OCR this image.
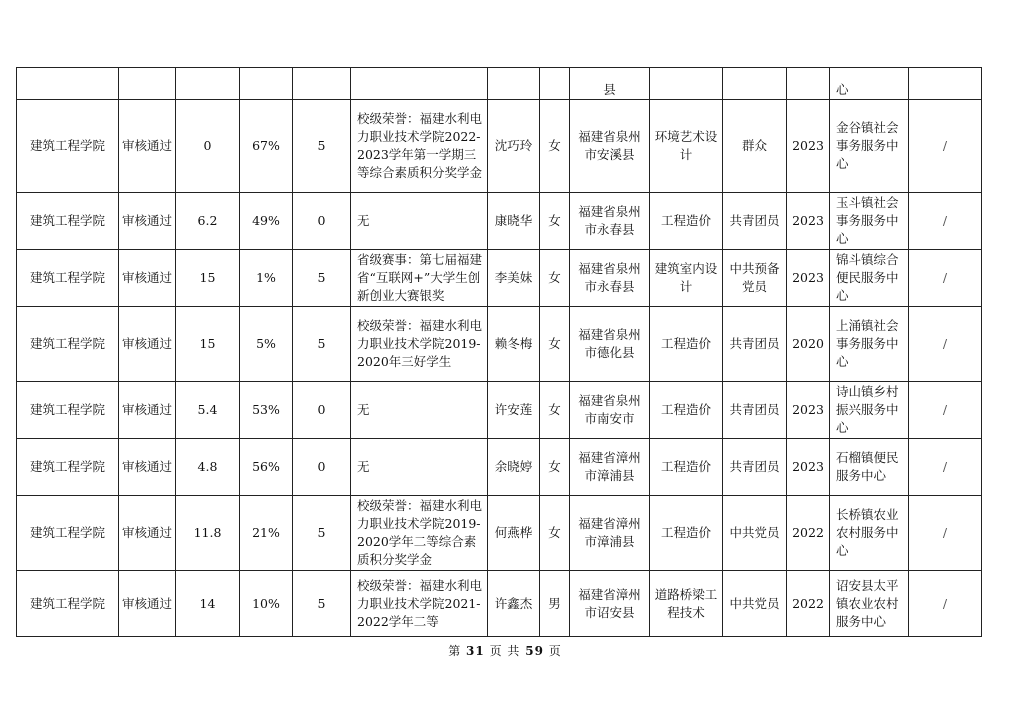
								县				心	
建筑工程学院	审核通过	0	67%	5	校级荣誉：福建水利电力职业技术学院2022-2023学年第一学期三等综合素质积分奖学金	沈巧玲	女	福建省泉州市安溪县	环境艺术设计	群众	2023	金谷镇社会事务服务中心	/
建筑工程学院	审核通过	6.2	49%	0	无	康晓华	女	福建省泉州市永春县	工程造价	共青团员	2023	玉斗镇社会事务服务中心	/
建筑工程学院	审核通过	15	1%	5	省级赛事：第七届福建省“互联网+”大学生创新创业大赛银奖	李美妹	女	福建省泉州市永春县	建筑室内设计	中共预备党员	2023	锦斗镇综合便民服务中心	/
建筑工程学院	审核通过	15	5%	5	校级荣誉：福建水利电力职业技术学院2019-2020年三好学生	赖冬梅	女	福建省泉州市德化县	工程造价	共青团员	2020	上涌镇社会事务服务中心	/
建筑工程学院	审核通过	5.4	53%	0	无	许安莲	女	福建省泉州市南安市	工程造价	共青团员	2023	诗山镇乡村振兴服务中心	/
建筑工程学院	审核通过	4.8	56%	0	无	余晓婷	女	福建省漳州市漳浦县	工程造价	共青团员	2023	石榴镇便民服务中心	/
建筑工程学院	审核通过	11.8	21%	5	校级荣誉：福建水利电力职业技术学院2019-2020学年二等综合素质积分奖学金	何燕桦	女	福建省漳州市漳浦县	工程造价	中共党员	2022	长桥镇农业农村服务中心	/
建筑工程学院	审核通过	14	10%	5	校级荣誉：福建水利电力职业技术学院2021-2022学年二等	许鑫杰	男	福建省漳州市诏安县	道路桥梁工程技术	中共党员	2022	诏安县太平镇农业农村服务中心	/
第 31 页 共 59 页
